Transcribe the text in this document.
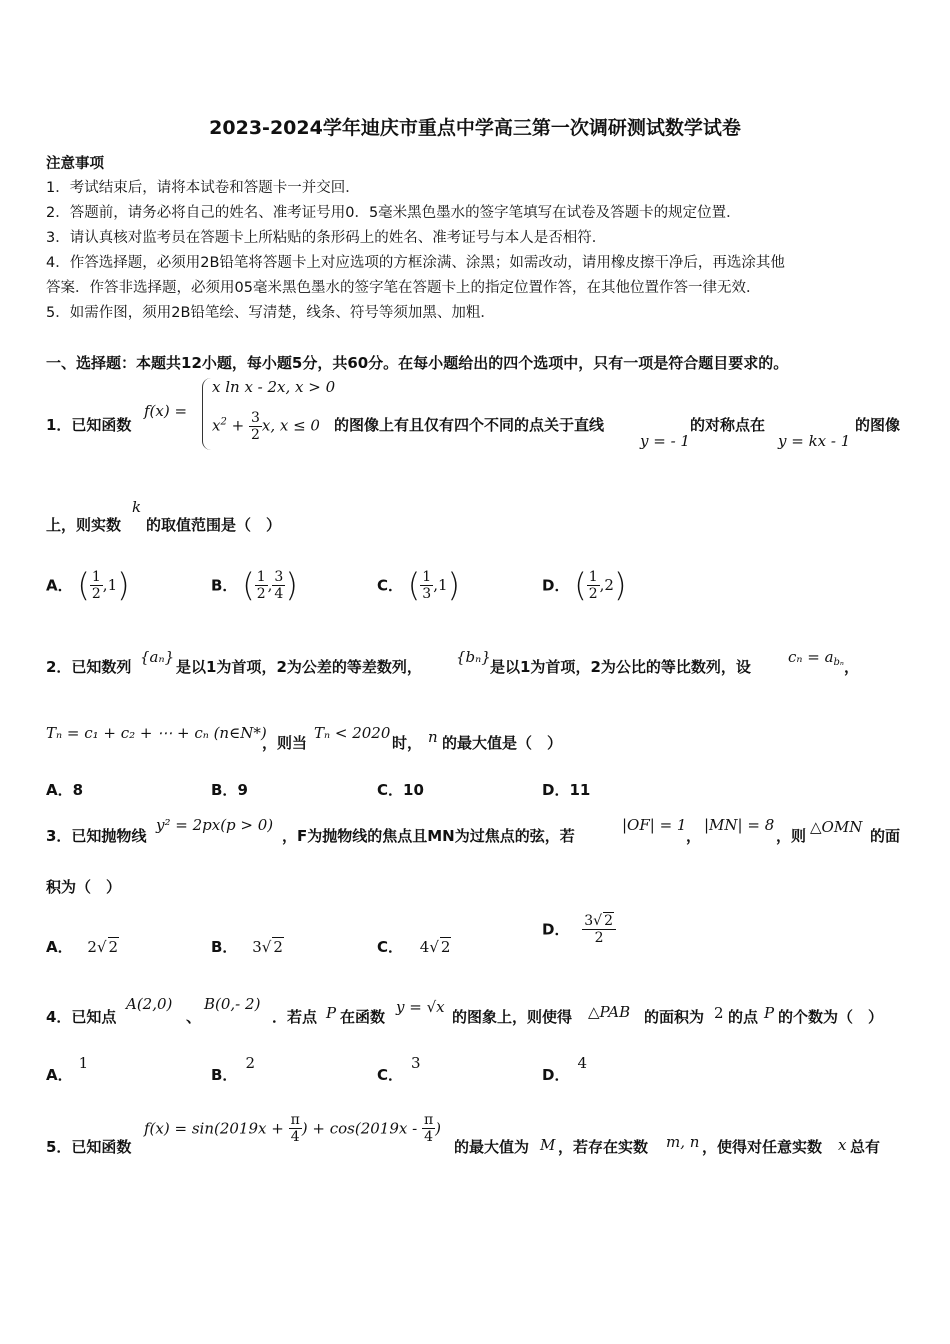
2023-2024学年迪庆市重点中学高三第一次调研测试数学试卷
注意事项
1．考试结束后，请将本试卷和答题卡一并交回．
2．答题前，请务必将自己的姓名、准考证号用0．5毫米黑色墨水的签字笔填写在试卷及答题卡的规定位置．
3．请认真核对监考员在答题卡上所粘贴的条形码上的姓名、准考证号与本人是否相符．
4．作答选择题，必须用2B铅笔将答题卡上对应选项的方框涂满、涂黑；如需改动，请用橡皮擦干净后，再选涂其他
答案．作答非选择题，必须用05毫米黑色墨水的签字笔在答题卡上的指定位置作答，在其他位置作答一律无效．
5．如需作图，须用2B铅笔绘、写清楚，线条、符号等须加黑、加粗．
一、选择题：本题共12小题，每小题5分，共60分。在每小题给出的四个选项中，只有一项是符合题目要求的。
1．已知函数
f(x) =
x ln x - 2x, x > 0
$x^2 + \frac{3}{2} x$, x ≤ 0 的图像上有且仅有四个不同的点关于直线
y = - 1
的对称点在
y = kx - 1
的图像
上，则实数
k
的取值范围是（　）
A． ( $\frac{1}{2} ,1$)	B． ( $\frac{1}{2}$ , $\frac{3}{4}$ )	C． ( $\frac{1}{3} ,1$)	D． ( $\frac{1}{2} ,2$)
2．已知数列
{aₙ}
是以1为首项，2为公差的等差数列，
{bₙ}
是以1为首项，2为公比的等比数列，设
$c_n = a_{b_n}$ ，
Tₙ = c₁ + c₂ + ⋯ + cₙ (n∈N*)
，则当
Tₙ < 2020
时， n 的最大值是（　）
A．8	B．9	C．10	D．11
3．已知抛物线
y² = 2px(p > 0)
，F为抛物线的焦点且MN为过焦点的弦，若
|OF| = 1
，
|MN| = 8
，则 △OMN 的面
积为（　）
A． 2√ 2	B． 3√ 2	C． 4√ 2
D． $\frac{3√ 2}{2}$
4．已知点
A(2,0)
、
B(0,- 2)
．若点 P 在函数
y = √x
的图象上，则使得 △PAB 的面积为 2 的点 P 的个数为（　）
A．1
B．2
C．3
D．4
5．已知函数
$f(x) = \sin(2019x + \frac{\pi}{4}$ ) + $\cos(2019x - \frac{\pi}{4}$ )
的最大值为 M ，若存在实数 m, n ，使得对任意实数 x 总有
